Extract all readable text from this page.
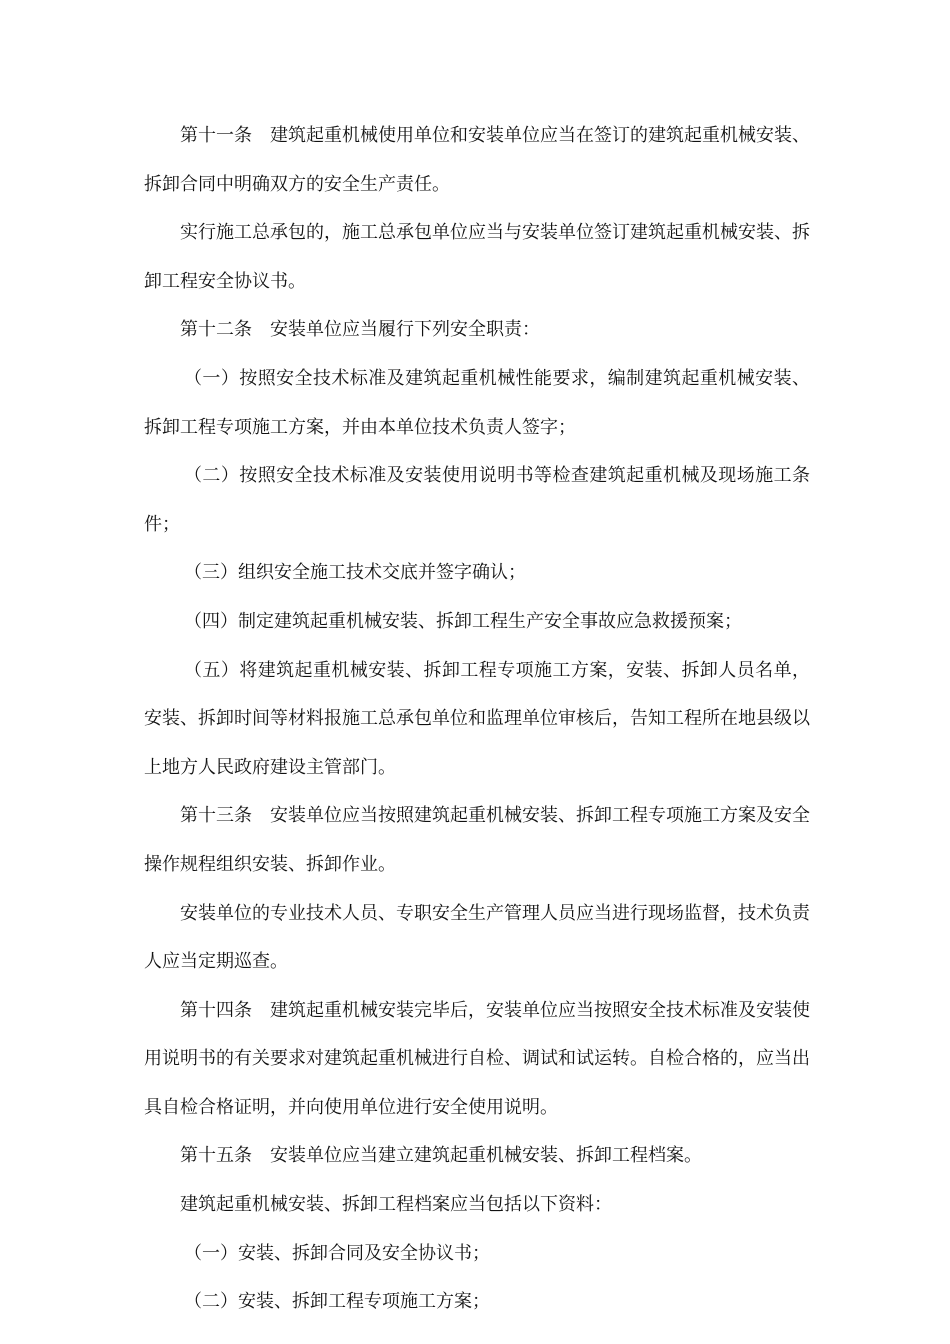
第十一条　建筑起重机械使用单位和安装单位应当在签订的建筑起重机械安装、拆卸合同中明确双方的安全生产责任。

实行施工总承包的，施工总承包单位应当与安装单位签订建筑起重机械安装、拆卸工程安全协议书。

第十二条　安装单位应当履行下列安全职责：

（一）按照安全技术标准及建筑起重机械性能要求，编制建筑起重机械安装、拆卸工程专项施工方案，并由本单位技术负责人签字；

（二）按照安全技术标准及安装使用说明书等检查建筑起重机械及现场施工条件；

（三）组织安全施工技术交底并签字确认；

（四）制定建筑起重机械安装、拆卸工程生产安全事故应急救援预案；

（五）将建筑起重机械安装、拆卸工程专项施工方案，安装、拆卸人员名单，安装、拆卸时间等材料报施工总承包单位和监理单位审核后，告知工程所在地县级以上地方人民政府建设主管部门。

第十三条　安装单位应当按照建筑起重机械安装、拆卸工程专项施工方案及安全操作规程组织安装、拆卸作业。

安装单位的专业技术人员、专职安全生产管理人员应当进行现场监督，技术负责人应当定期巡查。

第十四条　建筑起重机械安装完毕后，安装单位应当按照安全技术标准及安装使用说明书的有关要求对建筑起重机械进行自检、调试和试运转。自检合格的，应当出具自检合格证明，并向使用单位进行安全使用说明。

第十五条　安装单位应当建立建筑起重机械安装、拆卸工程档案。

建筑起重机械安装、拆卸工程档案应当包括以下资料：

（一）安装、拆卸合同及安全协议书；

（二）安装、拆卸工程专项施工方案；
